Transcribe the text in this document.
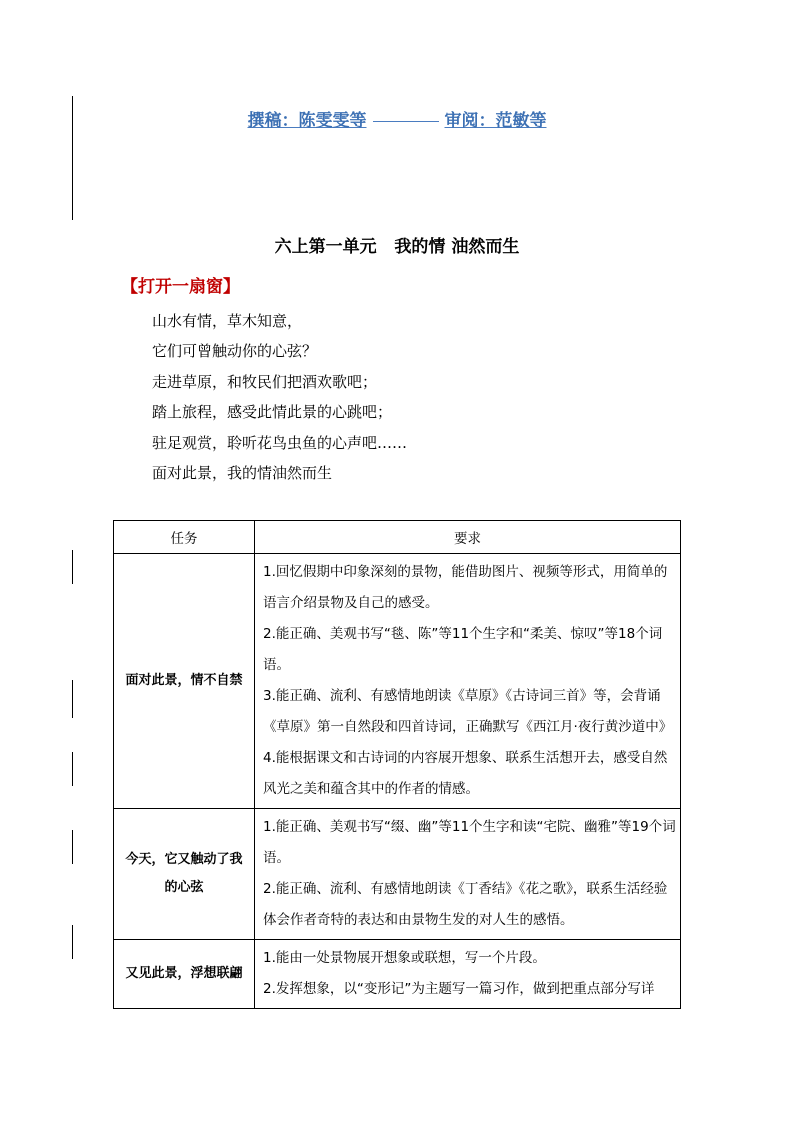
撰稿：陈雯雯等	审阅：范敏等
六上第一单元   我的情 油然而生
【打开一扇窗】
山水有情，草木知意，
它们可曾触动你的心弦？
走进草原，和牧民们把酒欢歌吧；
踏上旅程，感受此情此景的心跳吧；
驻足观赏，聆听花鸟虫鱼的心声吧……
面对此景，我的情油然而生
任务	要求
面对此景，情不自禁	1.回忆假期中印象深刻的景物，能借助图片、视频等形式，用简单的语言介绍景物及自己的感受。

2.能正确、美观书写“毯、陈”等11个生字和“柔美、惊叹”等18个词语。

3.能正确、流利、有感情地朗读《草原》《古诗词三首》等，会背诵《草原》第一自然段和四首诗词，正确默写《西江月·夜行黄沙道中》

4.能根据课文和古诗词的内容展开想象、联系生活想开去，感受自然风光之美和蕴含其中的作者的情感。

今天，它又触动了我的心弦	1.能正确、美观书写“缀、幽”等11个生字和读“宅院、幽雅”等19个词语。

2.能正确、流利、有感情地朗读《丁香结》《花之歌》，联系生活经验体会作者奇特的表达和由景物生发的对人生的感悟。

又见此景，浮想联翩	1.能由一处景物展开想象或联想，写一个片段。

2.发挥想象，以“变形记”为主题写一篇习作，做到把重点部分写详
